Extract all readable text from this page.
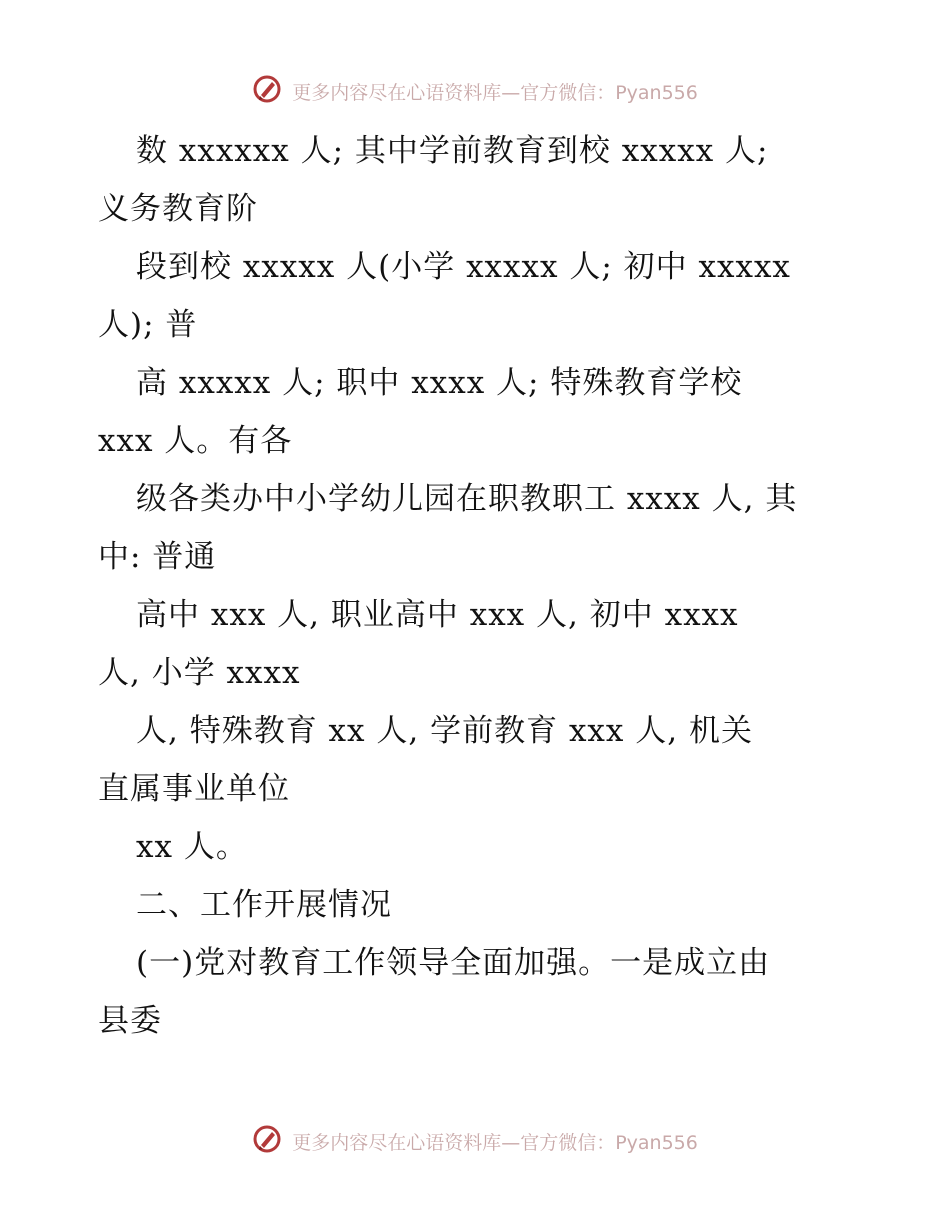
更多内容尽在心语资料库—官方微信：Pyan556
数 xxxxxx 人; 其中学前教育到校 xxxxx 人;
义务教育阶
段到校 xxxxx 人(小学 xxxxx 人; 初中 xxxxx
人); 普
高 xxxxx 人; 职中 xxxx 人; 特殊教育学校
xxx 人。有各
级各类办中小学幼儿园在职教职工 xxxx 人, 其
中: 普通
高中 xxx 人, 职业高中 xxx 人, 初中 xxxx
人, 小学 xxxx
人, 特殊教育 xx 人, 学前教育 xxx 人, 机关
直属事业单位
xx 人。
二、工作开展情况
(一)党对教育工作领导全面加强。一是成立由
县委
更多内容尽在心语资料库—官方微信：Pyan556
